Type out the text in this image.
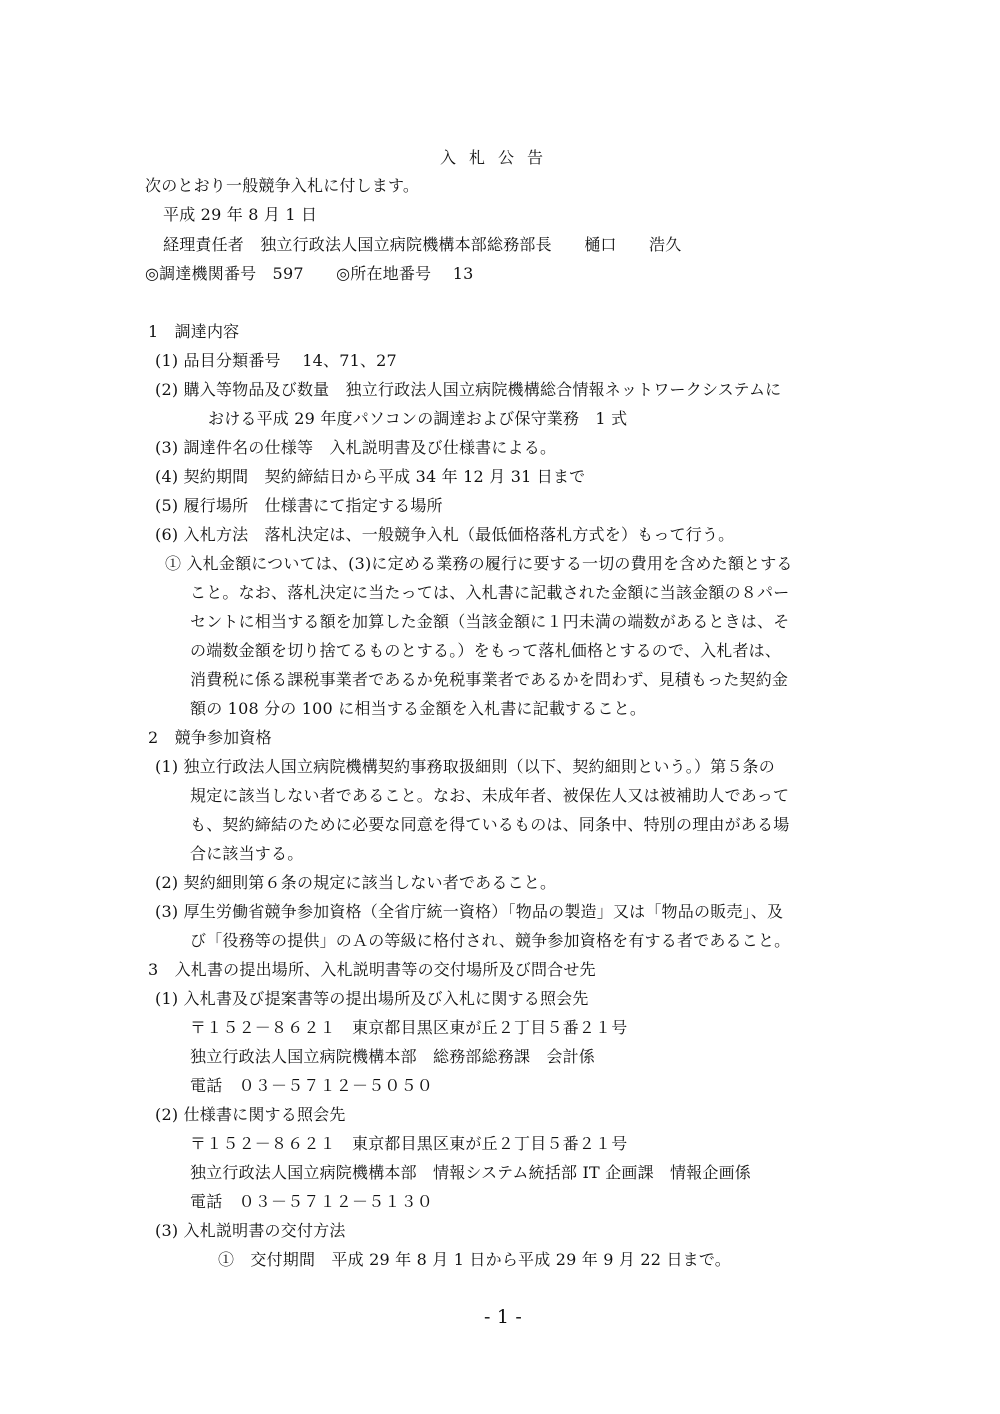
入札公告
次のとおり一般競争入札に付します。
平成 29 年 8 月 1 日
経理責任者　独立行政法人国立病院機構本部総務部長　　樋口　　浩久
◎調達機関番号　597　　◎所在地番号　 13
1　調達内容
(1) 品目分類番号　 14、71、27
(2) 購入等物品及び数量　独立行政法人国立病院機構総合情報ネットワークシステムに
おける平成 29 年度パソコンの調達および保守業務　1 式
(3) 調達件名の仕様等　入札説明書及び仕様書による。
(4) 契約期間　契約締結日から平成 34 年 12 月 31 日まで
(5) 履行場所　仕様書にて指定する場所
(6) 入札方法　落札決定は、一般競争入札（最低価格落札方式を）もって行う。
① 入札金額については、(3)に定める業務の履行に要する一切の費用を含めた額とする
こと。なお、落札決定に当たっては、入札書に記載された金額に当該金額の８パー
セントに相当する額を加算した金額（当該金額に１円未満の端数があるときは、そ
の端数金額を切り捨てるものとする。）をもって落札価格とするので、入札者は、
消費税に係る課税事業者であるか免税事業者であるかを問わず、見積もった契約金
額の 108 分の 100 に相当する金額を入札書に記載すること。
2　競争参加資格
(1) 独立行政法人国立病院機構契約事務取扱細則（以下、契約細則という。）第５条の
規定に該当しない者であること。なお、未成年者、被保佐人又は被補助人であって
も、契約締結のために必要な同意を得ているものは、同条中、特別の理由がある場
合に該当する。
(2) 契約細則第６条の規定に該当しない者であること。
(3) 厚生労働省競争参加資格（全省庁統一資格）「物品の製造」又は「物品の販売」、及
び「役務等の提供」のＡの等級に格付され、競争参加資格を有する者であること。
3　入札書の提出場所、入札説明書等の交付場所及び問合せ先
(1) 入札書及び提案書等の提出場所及び入札に関する照会先
〒１５２－８６２１　東京都目黒区東が丘２丁目５番２１号
独立行政法人国立病院機構本部　総務部総務課　会計係
電話　０３－５７１２－５０５０
(2) 仕様書に関する照会先
〒１５２－８６２１　東京都目黒区東が丘２丁目５番２１号
独立行政法人国立病院機構本部　情報システム統括部 IT 企画課　情報企画係
電話　０３－５７１２－５１３０
(3) 入札説明書の交付方法
①　交付期間　平成 29 年 8 月 1 日から平成 29 年 9 月 22 日まで。
- 1 -
